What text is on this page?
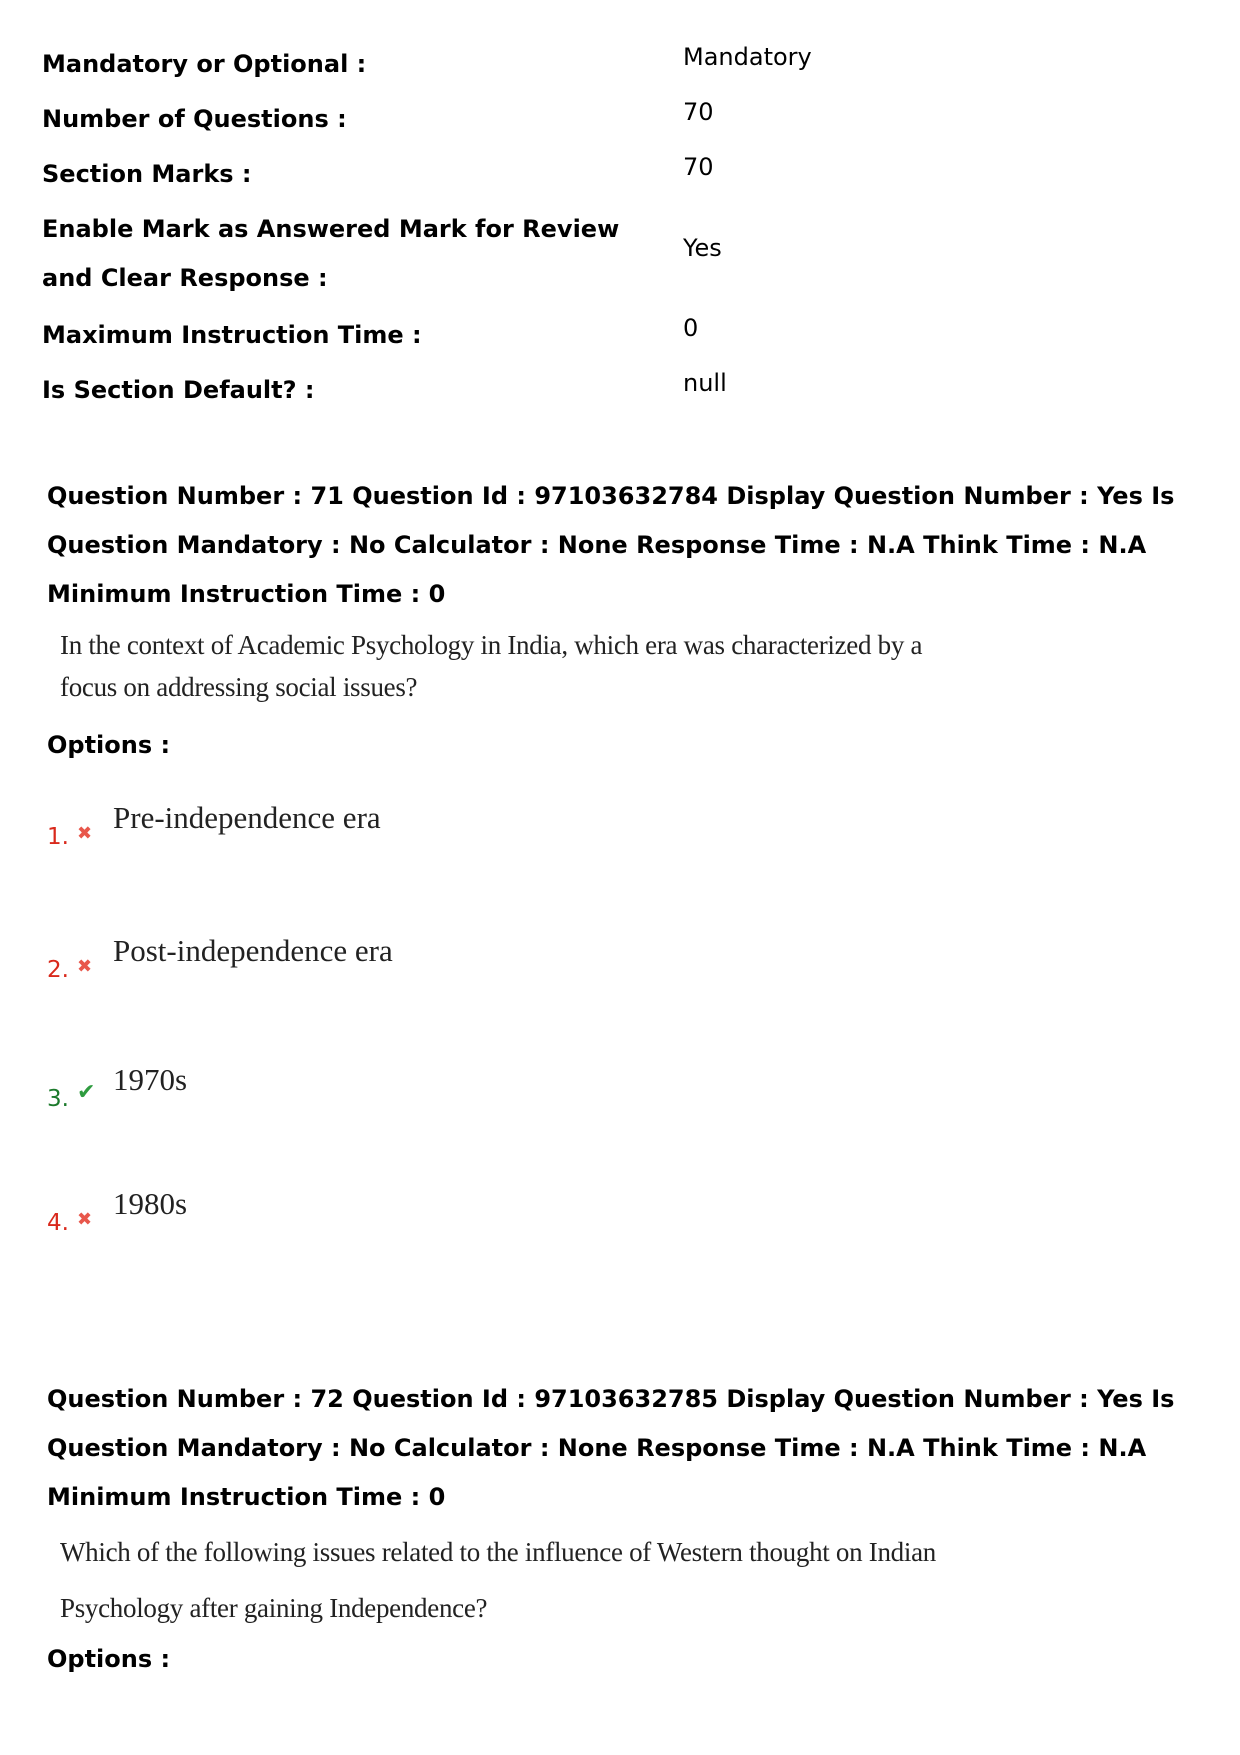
Mandatory or Optional :	Mandatory
Number of Questions :	70
Section Marks :	70
Enable Mark as Answered Mark for Review and Clear Response :
Yes
Maximum Instruction Time :	0
Is Section Default? :	null
Question Number : 71 Question Id : 97103632784 Display Question Number : Yes Is Question Mandatory : No Calculator : None Response Time : N.A Think Time : N.A Minimum Instruction Time : 0
In the context of Academic Psychology in India, which era was characterized by a
focus on addressing social issues?
Options :
1. ✖ Pre-independence era
2. ✖ Post-independence era
3. ✔ 1970s
4. ✖ 1980s
Question Number : 72 Question Id : 97103632785 Display Question Number : Yes Is Question Mandatory : No Calculator : None Response Time : N.A Think Time : N.A Minimum Instruction Time : 0
Which of the following issues related to the influence of Western thought on Indian
Psychology after gaining Independence?
Options :
